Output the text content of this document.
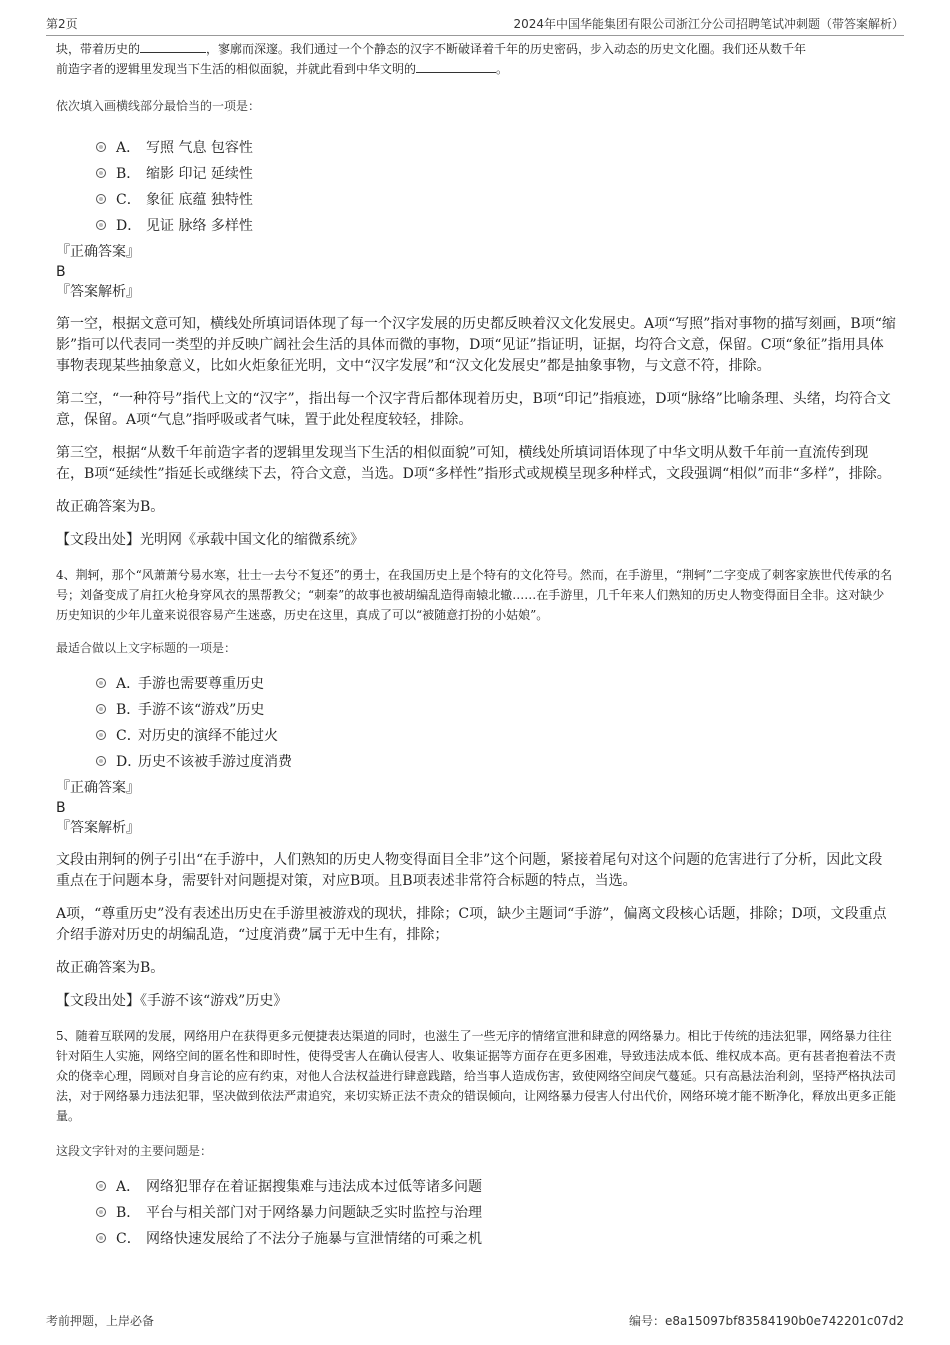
第2页	2024年中国华能集团有限公司浙江分公司招聘笔试冲刺题（带答案解析）

块，带着历史的	，寥廓而深邃。我们通过一个个静态的汉字不断破译着千年的历史密码，步入动态的历史文化圈。我们还从数千年
前造字者的逻辑里发现当下生活的相似面貌，并就此看到中华文明的	。

依次填入画横线部分最恰当的一项是：

A． 写照 气息 包容性
B． 缩影 印记 延续性
C． 象征 底蕴 独特性
D． 见证 脉络 多样性

『正确答案』

B

『答案解析』

第一空，根据文意可知，横线处所填词语体现了每一个汉字发展的历史都反映着汉文化发展史。A项“写照”指对事物的描写刻画，B项“缩影”指可以代表同一类型的并反映广阔社会生活的具体而微的事物，D项“见证”指证明，证据，均符合文意，保留。C项“象征”指用具体事物表现某些抽象意义，比如火炬象征光明，文中“汉字发展”和“汉文化发展史”都是抽象事物，与文意不符，排除。

第二空，“一种符号”指代上文的“汉字”，指出每一个汉字背后都体现着历史，B项“印记”指痕迹，D项“脉络”比喻条理、头绪，均符合文意，保留。A项“气息”指呼吸或者气味，置于此处程度较轻，排除。

第三空，根据“从数千年前造字者的逻辑里发现当下生活的相似面貌”可知，横线处所填词语体现了中华文明从数千年前一直流传到现在，B项“延续性”指延长或继续下去，符合文意，当选。D项“多样性”指形式或规模呈现多种样式，文段强调“相似”而非“多样”，排除。

故正确答案为B。

【文段出处】光明网《承载中国文化的缩微系统》

4、荆轲，那个“风萧萧兮易水寒，壮士一去兮不复还”的勇士，在我国历史上是个特有的文化符号。然而，在手游里，“荆轲”二字变成了刺客家族世代传承的名号；刘备变成了肩扛火枪身穿风衣的黑帮教父；“刺秦”的故事也被胡编乱造得南辕北辙……在手游里，几千年来人们熟知的历史人物变得面目全非。这对缺少历史知识的少年儿童来说很容易产生迷惑，历史在这里，真成了可以“被随意打扮的小姑娘”。

最适合做以上文字标题的一项是：

A．
手游也需要尊重历史
B．
手游不该“游戏”历史
C．
对历史的演绎不能过火
D．
历史不该被手游过度消费

『正确答案』

B

『答案解析』

文段由荆轲的例子引出“在手游中，人们熟知的历史人物变得面目全非”这个问题，紧接着尾句对这个问题的危害进行了分析，因此文段重点在于问题本身，需要针对问题提对策，对应B项。且B项表述非常符合标题的特点，当选。

A项，“尊重历史”没有表述出历史在手游里被游戏的现状，排除；C项，缺少主题词“手游”，偏离文段核心话题，排除；D项，文段重点介绍手游对历史的胡编乱造，“过度消费”属于无中生有，排除；

故正确答案为B。

【文段出处】《手游不该“游戏”历史》

5、随着互联网的发展，网络用户在获得更多元便捷表达渠道的同时，也滋生了一些无序的情绪宣泄和肆意的网络暴力。相比于传统的违法犯罪，网络暴力往往针对陌生人实施，网络空间的匿名性和即时性，使得受害人在确认侵害人、收集证据等方面存在更多困难，导致违法成本低、维权成本高。更有甚者抱着法不责众的侥幸心理，罔顾对自身言论的应有约束，对他人合法权益进行肆意践踏，给当事人造成伤害，致使网络空间戾气蔓延。只有高悬法治利剑，坚持严格执法司法，对于网络暴力违法犯罪，坚决做到依法严肃追究，来切实矫正法不责众的错误倾向，让网络暴力侵害人付出代价，网络环境才能不断净化，释放出更多正能量。

这段文字针对的主要问题是：

A． 网络犯罪存在着证据搜集难与违法成本过低等诸多问题
B． 平台与相关部门对于网络暴力问题缺乏实时监控与治理
C． 网络快速发展给了不法分子施暴与宣泄情绪的可乘之机
考前押题，上岸必备	编号：e8a15097bf83584190b0e742201c07d2
